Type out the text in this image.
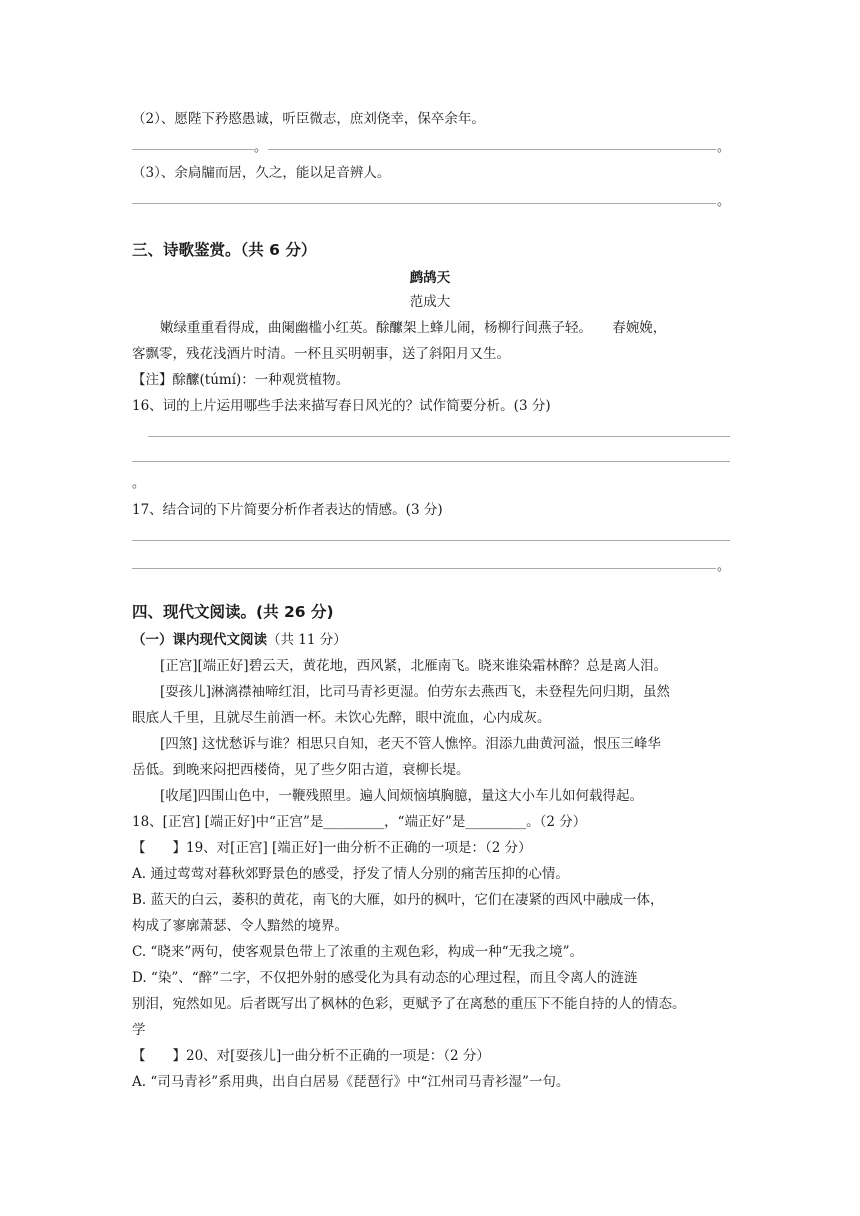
（2）、愿陛下矜愍愚诚，听臣微志，庶刘侥幸，保卒余年。
。	。
（3）、余扃牖而居，久之，能以足音辨人。
。
三、诗歌鉴赏。（共 6 分）
鹧鸪天
范成大
嫩绿重重看得成，曲阑幽槛小红英。酴醿架上蜂儿闹，杨柳行间燕子轻。　　春婉娩，
客飘零，残花浅酒片时清。一杯且买明朝事，送了斜阳月又生。
【注】酴醿(túmí)：一种观赏植物。
16、词的上片运用哪些手法来描写春日风光的？试作简要分析。(3 分)
。
17、结合词的下片简要分析作者表达的情感。(3 分)
。
四、现代文阅读。(共 26 分)
（一）课内现代文阅读（共 11 分）
[正宫][端正好]碧云天，黄花地，西风紧，北雁南飞。晓来谁染霜林醉？总是离人泪。
[耍孩儿]淋漓襟袖啼红泪，比司马青衫更湿。伯劳东去燕西飞，未登程先问归期，虽然
眼底人千里，且就尽生前酒一杯。未饮心先醉，眼中流血，心内成灰。
[四煞] 这忧愁诉与谁？相思只自知，老天不管人憔悴。泪添九曲黄河溢，恨压三峰华
岳低。到晚来闷把西楼倚，见了些夕阳古道，衰柳长堤。
[收尾]四围山色中，一鞭残照里。遍人间烦恼填胸臆，量这大小车儿如何载得起。
18、[正宫] [端正好]中“正宫”是_________，“端正好”是_________。（2 分）
【　　】19、对[正宫] [端正好]一曲分析不正确的一项是：（2 分）
A. 通过莺莺对暮秋郊野景色的感受，抒发了情人分别的痛苦压抑的心情。
B. 蓝天的白云，萎积的黄花，南飞的大雁，如丹的枫叶，它们在凄紧的西风中融成一体，
构成了寥廓萧瑟、令人黯然的境界。
C. “晓来”两句，使客观景色带上了浓重的主观色彩，构成一种“无我之境”。
D. “染”、“醉”二字，不仅把外射的感受化为具有动态的心理过程，而且令离人的涟涟
别泪，宛然如见。后者既写出了枫林的色彩，更赋予了在离愁的重压下不能自持的人的情态。
学
【　　】20、对[耍孩儿]一曲分析不正确的一项是：（2 分）
A. “司马青衫”系用典，出自白居易《琵琶行》中“江州司马青衫湿”一句。
